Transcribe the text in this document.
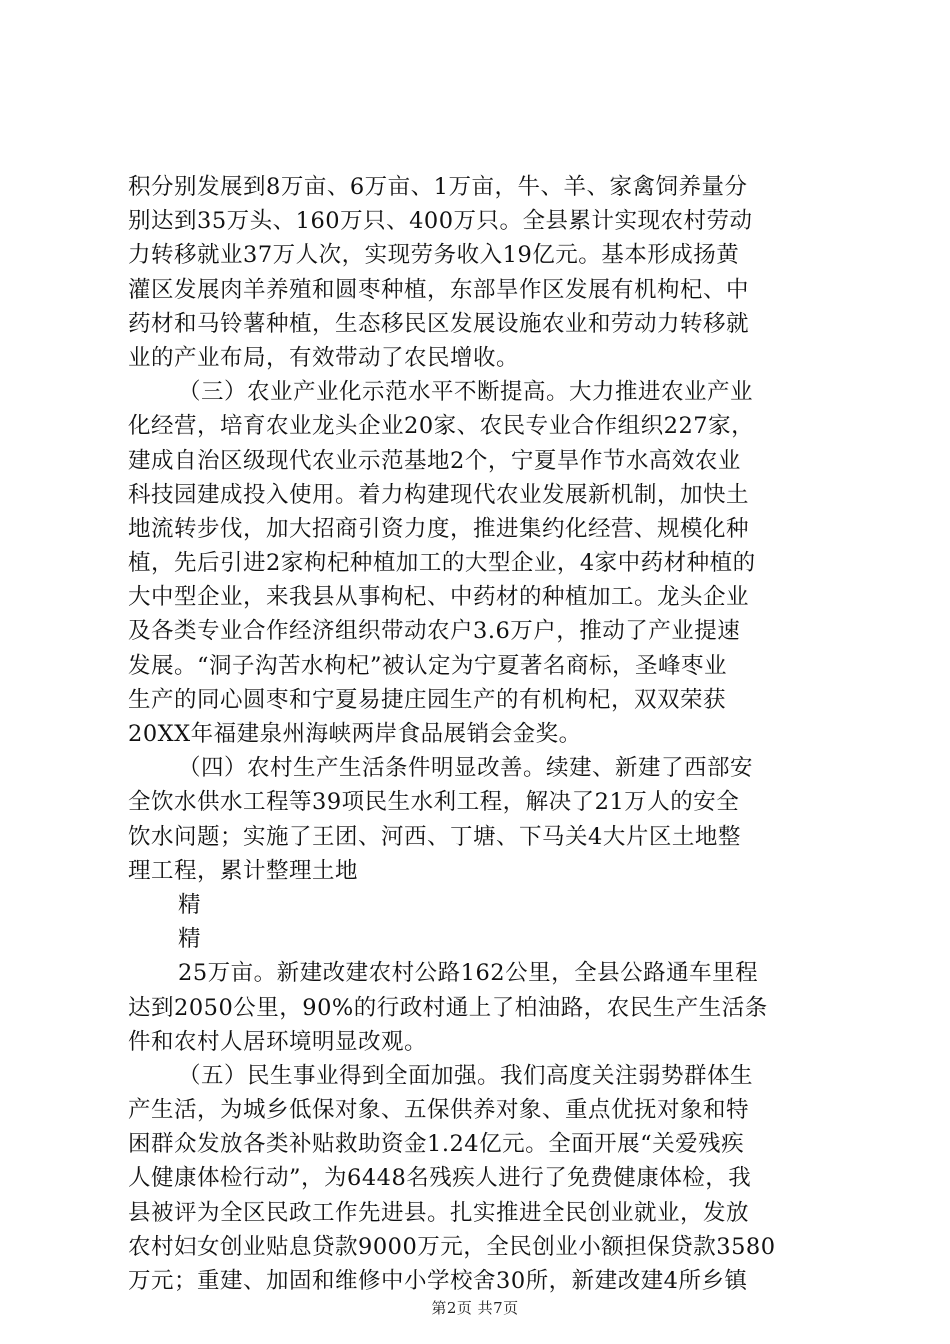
积分别发展到8万亩、6万亩、1万亩，牛、羊、家禽饲养量分
别达到35万头、160万只、400万只。全县累计实现农村劳动
力转移就业37万人次，实现劳务收入19亿元。基本形成扬黄
灌区发展肉羊养殖和圆枣种植，东部旱作区发展有机枸杞、中
药材和马铃薯种植，生态移民区发展设施农业和劳动力转移就
业的产业布局，有效带动了农民增收。
（三）农业产业化示范水平不断提高。大力推进农业产业
化经营，培育农业龙头企业20家、农民专业合作组织227家，
建成自治区级现代农业示范基地2个，宁夏旱作节水高效农业
科技园建成投入使用。着力构建现代农业发展新机制，加快土
地流转步伐，加大招商引资力度，推进集约化经营、规模化种
植，先后引进2家枸杞种植加工的大型企业，4家中药材种植的
大中型企业，来我县从事枸杞、中药材的种植加工。龙头企业
及各类专业合作经济组织带动农户3.6万户，推动了产业提速
发展。“洞子沟苦水枸杞”被认定为宁夏著名商标，圣峰枣业
生产的同心圆枣和宁夏易捷庄园生产的有机枸杞，双双荣获
20XX年福建泉州海峡两岸食品展销会金奖。
（四）农村生产生活条件明显改善。续建、新建了西部安
全饮水供水工程等39项民生水利工程，解决了21万人的安全
饮水问题；实施了王团、河西、丁塘、下马关4大片区土地整
理工程，累计整理土地
精
精
25万亩。新建改建农村公路162公里，全县公路通车里程
达到2050公里，90%的行政村通上了柏油路，农民生产生活条
件和农村人居环境明显改观。
（五）民生事业得到全面加强。我们高度关注弱势群体生
产生活，为城乡低保对象、五保供养对象、重点优抚对象和特
困群众发放各类补贴救助资金1.24亿元。全面开展“关爱残疾
人健康体检行动”，为6448名残疾人进行了免费健康体检，我
县被评为全区民政工作先进县。扎实推进全民创业就业，发放
农村妇女创业贴息贷款9000万元，全民创业小额担保贷款3580
万元；重建、加固和维修中小学校舍30所，新建改建4所乡镇
第2页 共7页
